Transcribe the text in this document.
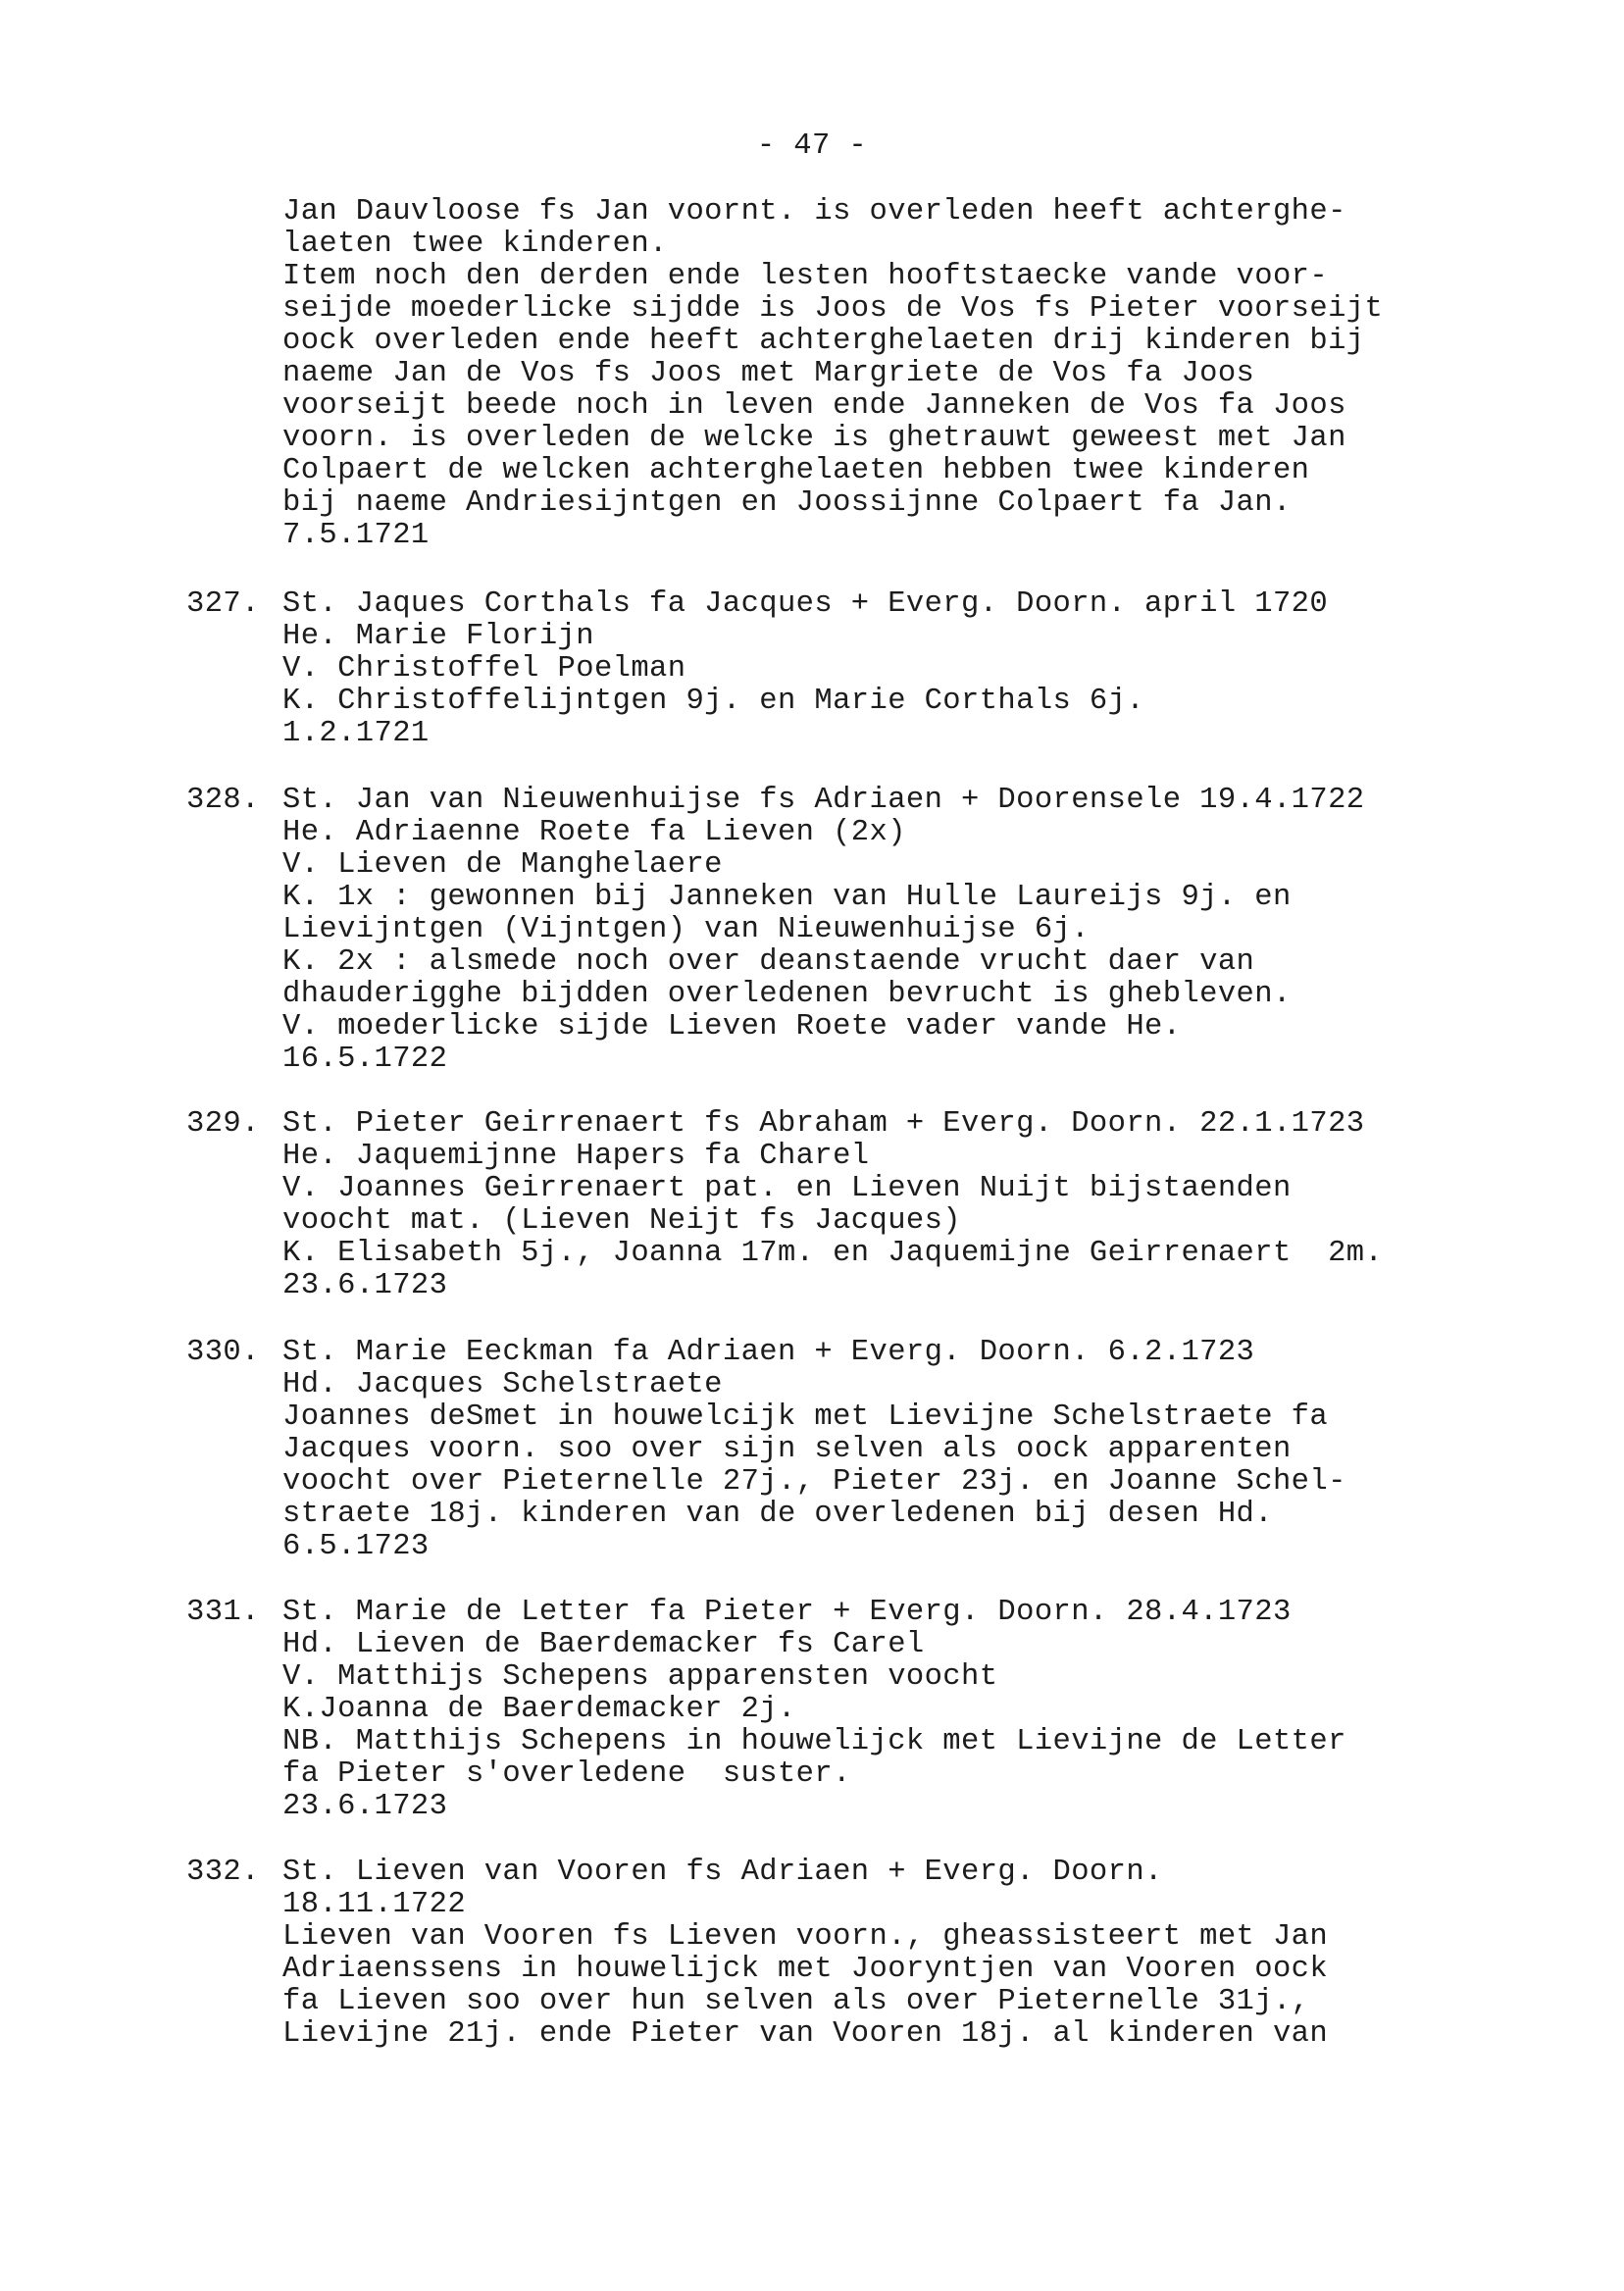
- 47 -
Jan Dauvloose fs Jan voornt. is overleden heeft achterghe-
laeten twee kinderen.
Item noch den derden ende lesten hooftstaecke vande voor-
seijde moederlicke sijdde is Joos de Vos fs Pieter voorseijt
oock overleden ende heeft achterghelaeten drij kinderen bij
naeme Jan de Vos fs Joos met Margriete de Vos fa Joos
voorseijt beede noch in leven ende Janneken de Vos fa Joos
voorn. is overleden de welcke is ghetrauwt geweest met Jan
Colpaert de welcken achterghelaeten hebben twee kinderen
bij naeme Andriesijntgen en Joossijnne Colpaert fa Jan.
7.5.1721
327. St. Jaques Corthals fa Jacques + Everg. Doorn. april 1720
He. Marie Florijn
V. Christoffel Poelman
K. Christoffelijntgen 9j. en Marie Corthals 6j.
1.2.1721
328. St. Jan van Nieuwenhuijse fs Adriaen + Doorensele 19.4.1722
He. Adriaenne Roete fa Lieven (2x)
V. Lieven de Manghelaere
K. 1x : gewonnen bij Janneken van Hulle Laureijs 9j. en
Lievijntgen (Vijntgen) van Nieuwenhuijse 6j.
K. 2x : alsmede noch over deanstaende vrucht daer van
dhauderigghe bijdden overledenen bevrucht is ghebleven.
V. moederlicke sijde Lieven Roete vader vande He.
16.5.1722
329. St. Pieter Geirrenaert fs Abraham + Everg. Doorn. 22.1.1723
He. Jaquemijnne Hapers fa Charel
V. Joannes Geirrenaert pat. en Lieven Nuijt bijstaenden
voocht mat. (Lieven Neijt fs Jacques)
K. Elisabeth 5j., Joanna 17m. en Jaquemijne Geirrenaert  2m.
23.6.1723
330. St. Marie Eeckman fa Adriaen + Everg. Doorn. 6.2.1723
Hd. Jacques Schelstraete
Joannes deSmet in houwelcijk met Lievijne Schelstraete fa
Jacques voorn. soo over sijn selven als oock apparenten
voocht over Pieternelle 27j., Pieter 23j. en Joanne Schel-
straete 18j. kinderen van de overledenen bij desen Hd.
6.5.1723
331. St. Marie de Letter fa Pieter + Everg. Doorn. 28.4.1723
Hd. Lieven de Baerdemacker fs Carel
V. Matthijs Schepens apparensten voocht
K.Joanna de Baerdemacker 2j.
NB. Matthijs Schepens in houwelijck met Lievijne de Letter
fa Pieter s'overledene  suster.
23.6.1723
332. St. Lieven van Vooren fs Adriaen + Everg. Doorn.
18.11.1722
Lieven van Vooren fs Lieven voorn., gheassisteert met Jan
Adriaenssens in houwelijck met Jooryntjen van Vooren oock
fa Lieven soo over hun selven als over Pieternelle 31j.,
Lievijne 21j. ende Pieter van Vooren 18j. al kinderen van
